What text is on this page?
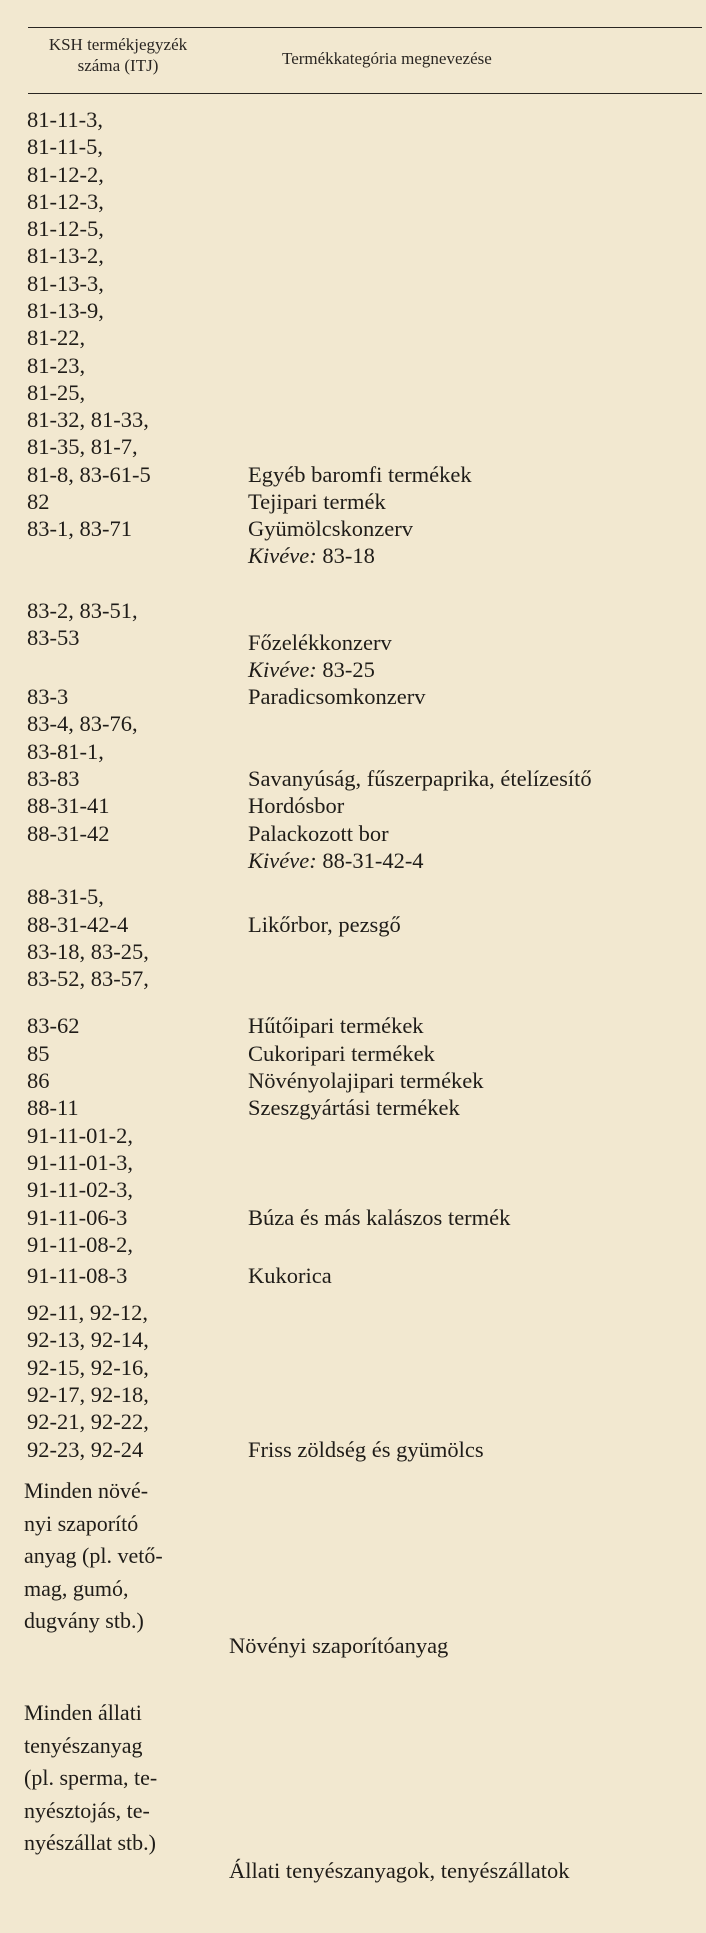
KSH termékjegyzék
száma (ITJ)	Termékkategória megnevezése
81-11-3,
81-11-5,
81-12-2,
81-12-3,
81-12-5,
81-13-2,
81-13-3,
81-13-9,
81-22,
81-23,
81-25,
81-32, 81-33,
81-35, 81-7,
81-8, 83-61-5
82
83-1, 83-71
83-2, 83-51,
83-53
83-3
83-4, 83-76,
83-81-1,
83-83
88-31-41
88-31-42
88-31-5,
88-31-42-4
83-18, 83-25,
83-52, 83-57,
83-62
85
86
88-11
91-11-01-2,
91-11-01-3,
91-11-02-3,
91-11-06-3
91-11-08-2,
91-11-08-3
92-11, 92-12,
92-13, 92-14,
92-15, 92-16,
92-17, 92-18,
92-21, 92-22,
92-23, 92-24
Egyéb baromfi termékek
Tejipari termék
Gyümölcskonzerv
Kivéve: 83-18
Főzelékkonzerv
Kivéve: 83-25
Paradicsomkonzerv
Savanyúság, fűszerpaprika, ételízesítő
Hordósbor
Palackozott bor
Kivéve: 88-31-42-4
Likőrbor, pezsgő
Hűtőipari termékek
Cukoripari termékek
Növényolajipari termékek
Szeszgyártási termékek
Búza és más kalászos termék
Kukorica
Friss zöldség és gyümölcs
Minden növé-
nyi szaporító
anyag (pl. vető-
mag, gumó,
dugvány stb.)
Növényi szaporítóanyag
Minden állati
tenyészanyag
(pl. sperma, te-
nyésztojás, te-
nyészállat stb.)
Állati tenyészanyagok, tenyészállatok
